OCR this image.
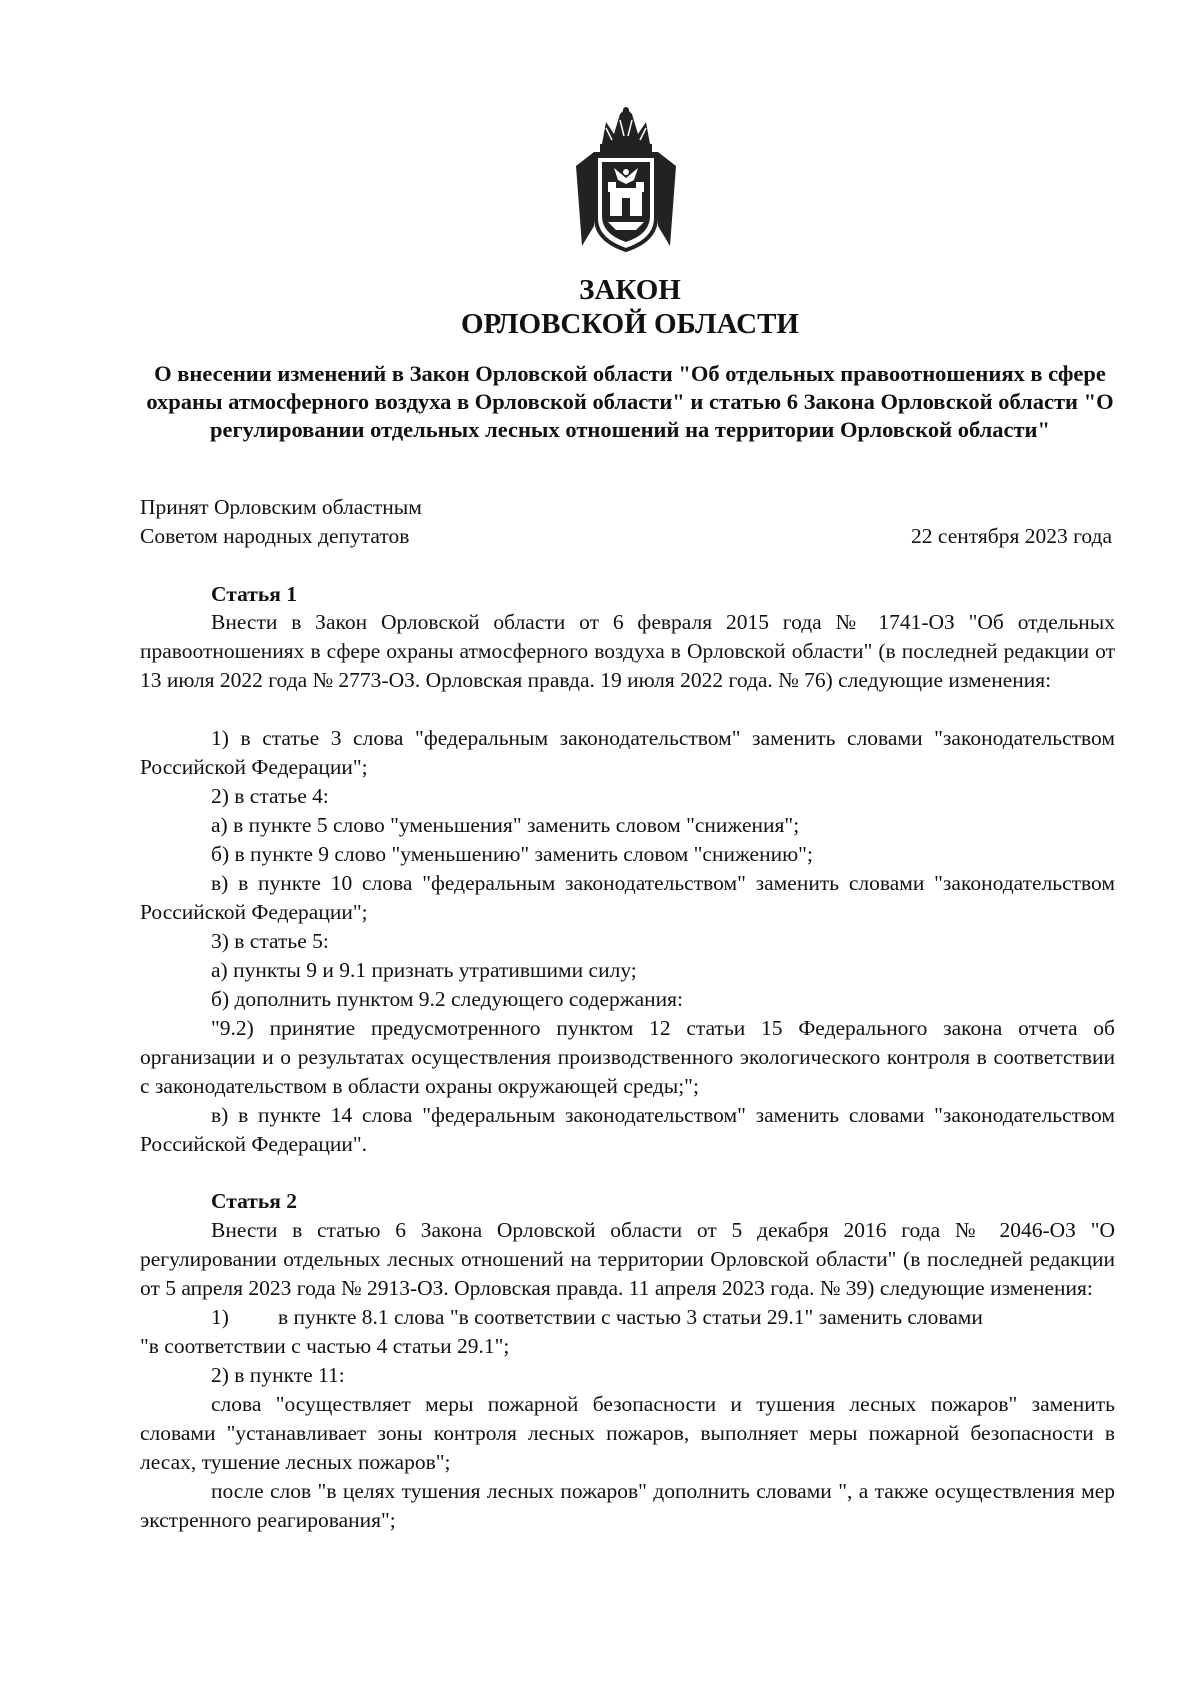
ЗАКОН
ОРЛОВСКОЙ ОБЛАСТИ
О внесении изменений в Закон Орловской области "Об отдельных правоотношениях в сфере охраны атмосферного воздуха в Орловской области" и статью 6 Закона Орловской области "О регулировании отдельных лесных отношений на территории Орловской области"
Принят Орловским областным
Советом народных депутатов	22 сентября 2023 года
Статья 1
Внести в Закон Орловской области от 6 февраля 2015 года № 1741-ОЗ "Об отдельных правоотношениях в сфере охраны атмосферного воздуха в Орловской области" (в последней редакции от 13 июля 2022 года № 2773-ОЗ. Орловская правда. 19 июля 2022 года. № 76) следующие изменения:
1) в статье 3 слова "федеральным законодательством" заменить словами "законодательством Российской Федерации";
2) в статье 4:
а) в пункте 5 слово "уменьшения" заменить словом "снижения";
б) в пункте 9 слово "уменьшению" заменить словом "снижению";
в) в пункте 10 слова "федеральным законодательством" заменить словами "законодательством Российской Федерации";
3) в статье 5:
а) пункты 9 и 9.1 признать утратившими силу;
б) дополнить пунктом 9.2 следующего содержания:
"9.2) принятие предусмотренного пунктом 12 статьи 15 Федерального закона отчета об организации и о результатах осуществления производственного экологического контроля в соответствии с законодательством в области охраны окружающей среды;";
в) в пункте 14 слова "федеральным законодательством" заменить словами "законодательством Российской Федерации".
Статья 2
Внести в статью 6 Закона Орловской области от 5 декабря 2016 года № 2046-ОЗ "О регулировании отдельных лесных отношений на территории Орловской области" (в последней редакции от 5 апреля 2023 года № 2913-ОЗ. Орловская правда. 11 апреля 2023 года. № 39) следующие изменения:
1) в пункте 8.1 слова "в соответствии с частью 3 статьи 29.1" заменить словами
"в соответствии с частью 4 статьи 29.1";
2) в пункте 11:
слова "осуществляет меры пожарной безопасности и тушения лесных пожаров" заменить словами "устанавливает зоны контроля лесных пожаров, выполняет меры пожарной безопасности в лесах, тушение лесных пожаров";
после слов "в целях тушения лесных пожаров" дополнить словами ", а также осуществления мер экстренного реагирования";
